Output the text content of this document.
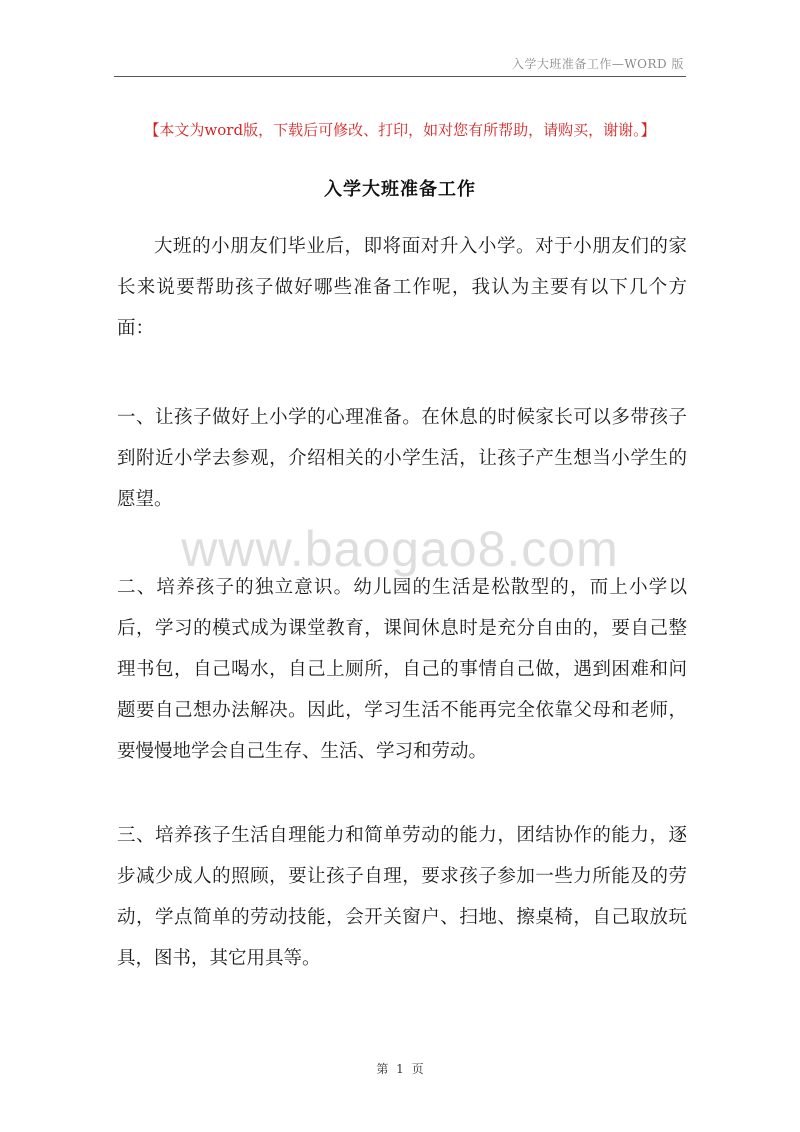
入学大班准备工作—WORD 版
【本文为word版，下载后可修改、打印，如对您有所帮助，请购买，谢谢。】
入学大班准备工作

大班的小朋友们毕业后，即将面对升入小学。对于小朋友们的家长来说要帮助孩子做好哪些准备工作呢，我认为主要有以下几个方面：

一、让孩子做好上小学的心理准备。在休息的时候家长可以多带孩子到附近小学去参观，介绍相关的小学生活，让孩子产生想当小学生的愿望。

二、培养孩子的独立意识。幼儿园的生活是松散型的，而上小学以后，学习的模式成为课堂教育，课间休息时是充分自由的，要自己整理书包，自己喝水，自己上厕所，自己的事情自己做，遇到困难和问题要自己想办法解决。因此，学习生活不能再完全依靠父母和老师，要慢慢地学会自己生存、生活、学习和劳动。

三、培养孩子生活自理能力和简单劳动的能力，团结协作的能力，逐步减少成人的照顾，要让孩子自理，要求孩子参加一些力所能及的劳动，学点简单的劳动技能，会开关窗户、扫地、擦桌椅，自己取放玩具，图书，其它用具等。

www.baogao8.com
第 1 页
